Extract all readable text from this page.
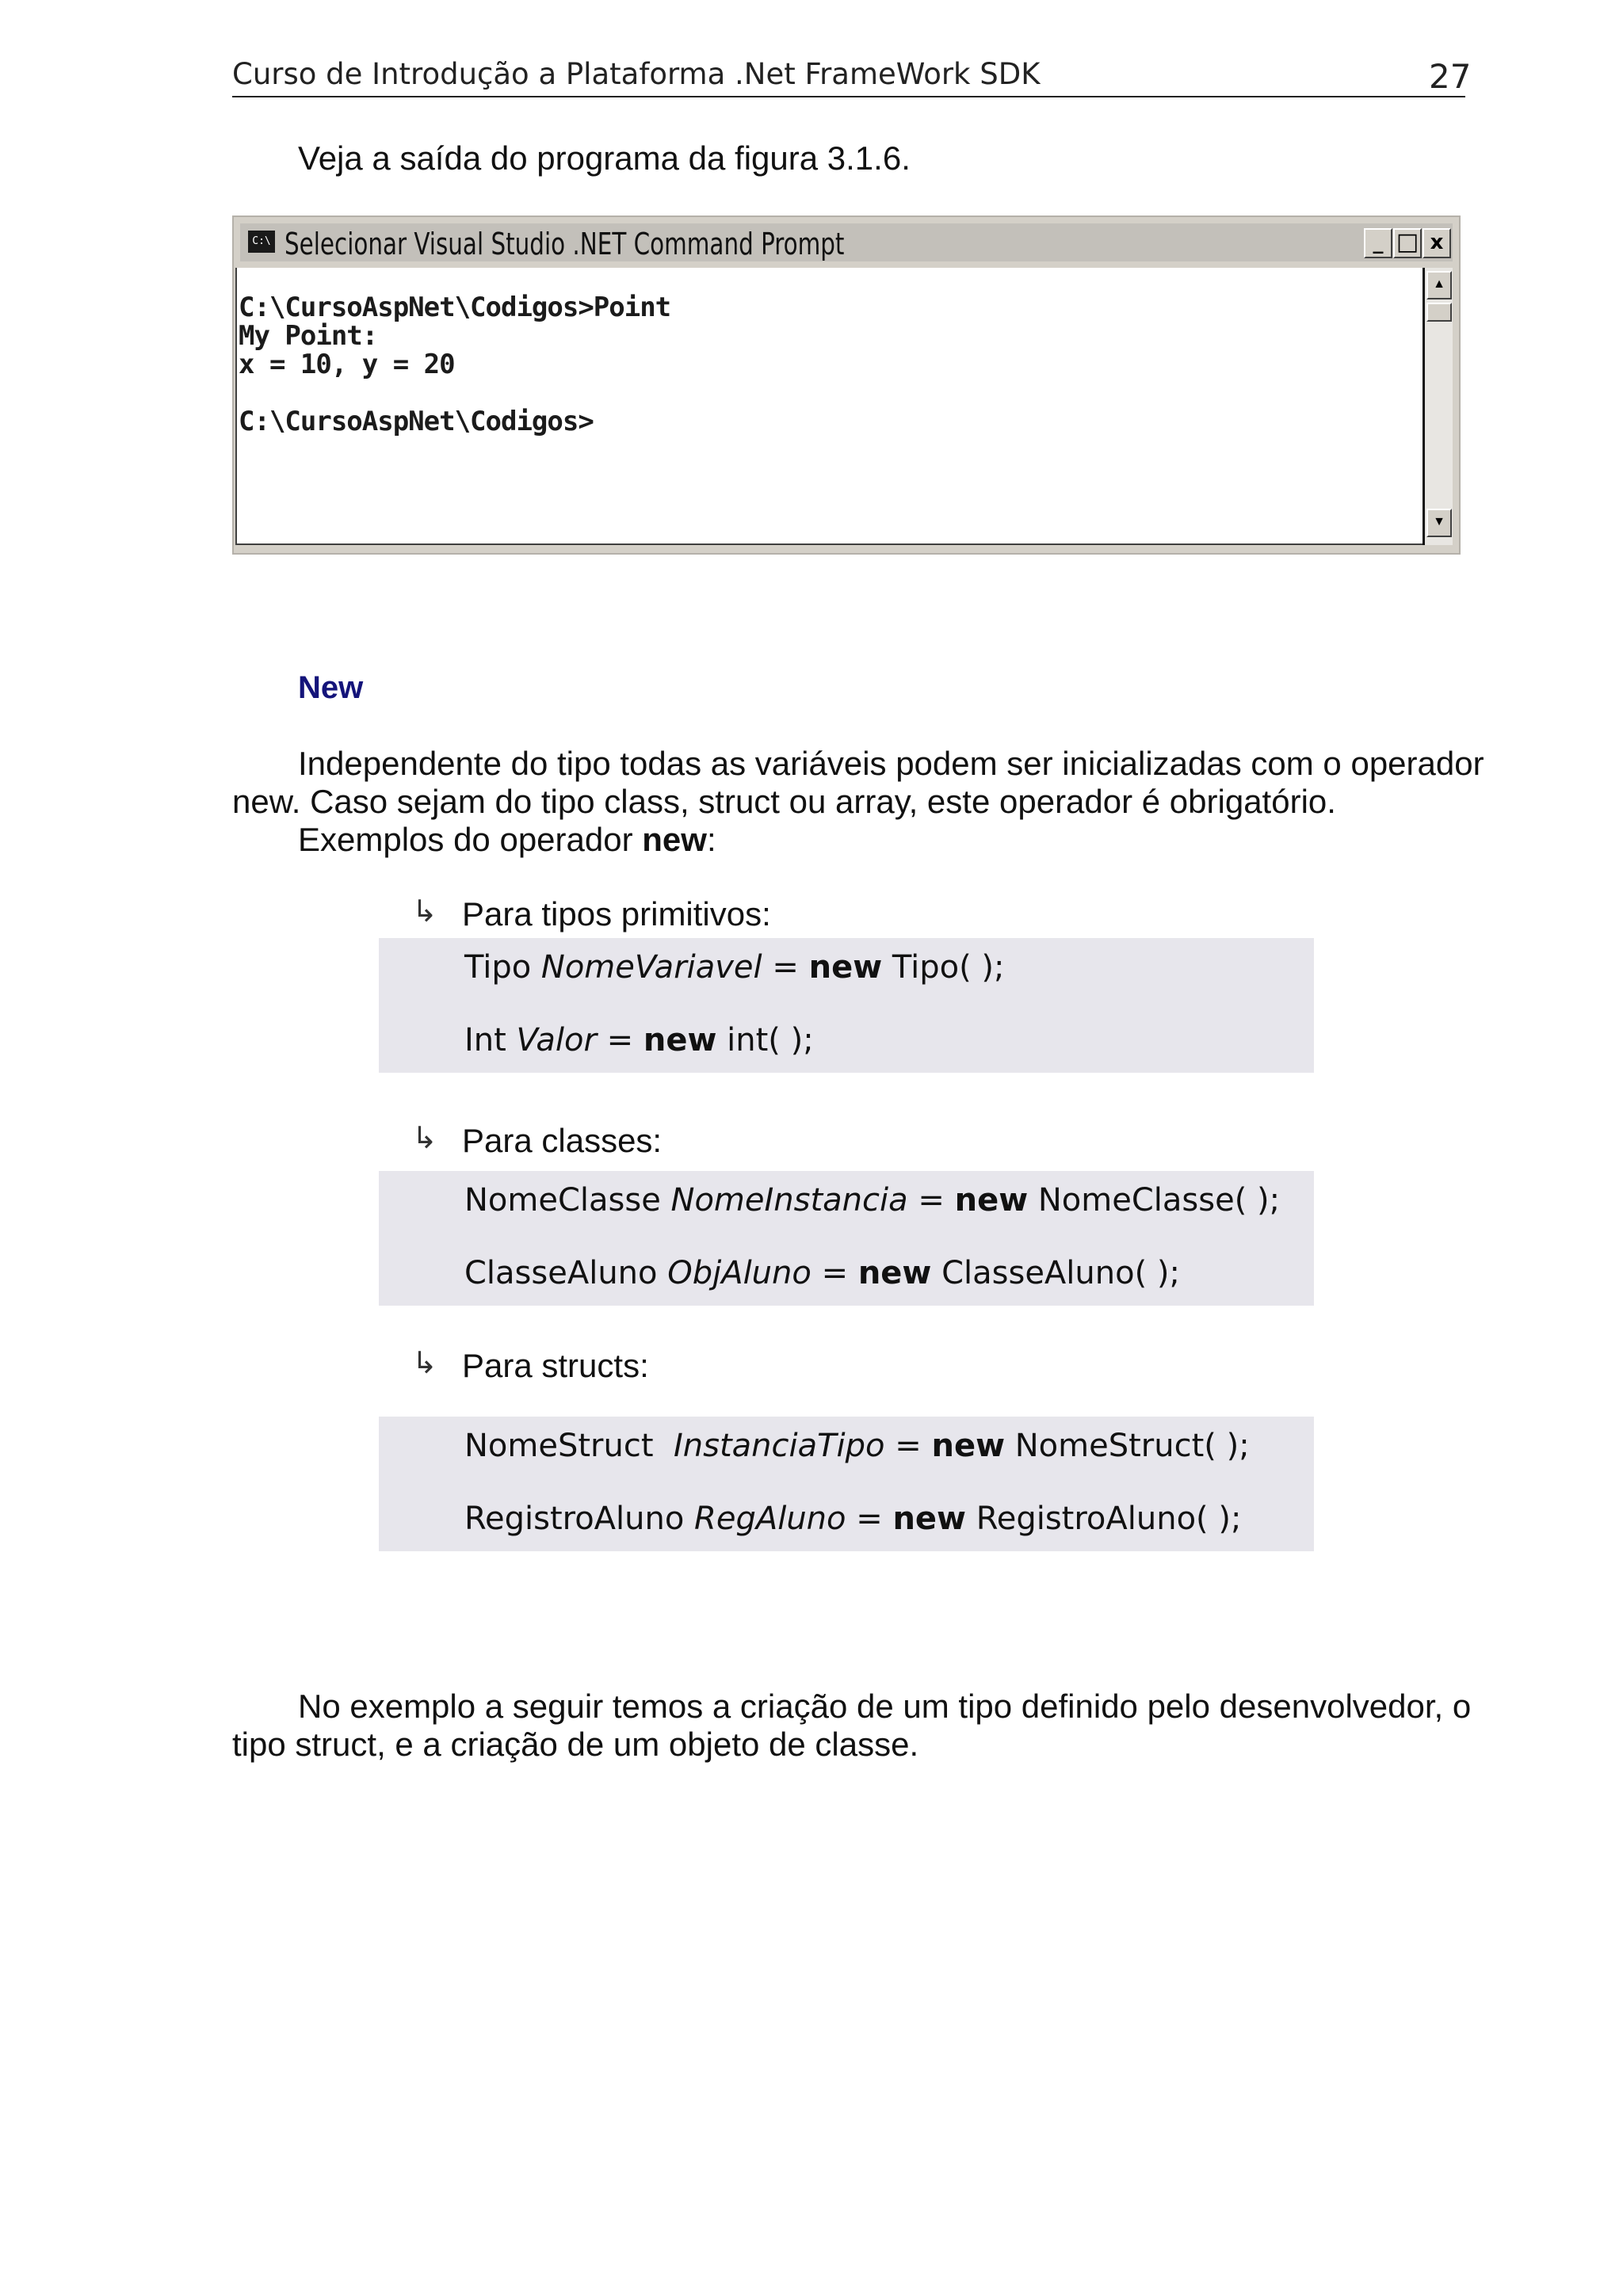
Curso de Introdução a Plataforma .Net FrameWork SDK	27
Veja a saída do programa da figura 3.1.6.
C:\ Selecionar Visual Studio .NET Command Prompt	_ □ x
C:\CursoAspNet\Codigos>Point
My Point:
x = 10, y = 20
C:\CursoAspNet\Codigos>
▲
▼
New
Independente do tipo todas as variáveis podem ser inicializadas com o operador
new. Caso sejam do tipo class, struct ou array, este operador é obrigatório.
Exemplos do operador new:
↳ Para tipos primitivos:
Tipo NomeVariavel = new Tipo( );
Int Valor = new int( );
↳ Para classes:
NomeClasse NomeInstancia = new NomeClasse( );
ClasseAluno ObjAluno = new ClasseAluno( );
↳ Para structs:
NomeStruct  InstanciaTipo = new NomeStruct( );
RegistroAluno RegAluno = new RegistroAluno( );
No exemplo a seguir temos a criação de um tipo definido pelo desenvolvedor, o
tipo struct, e a criação de um objeto de classe.
